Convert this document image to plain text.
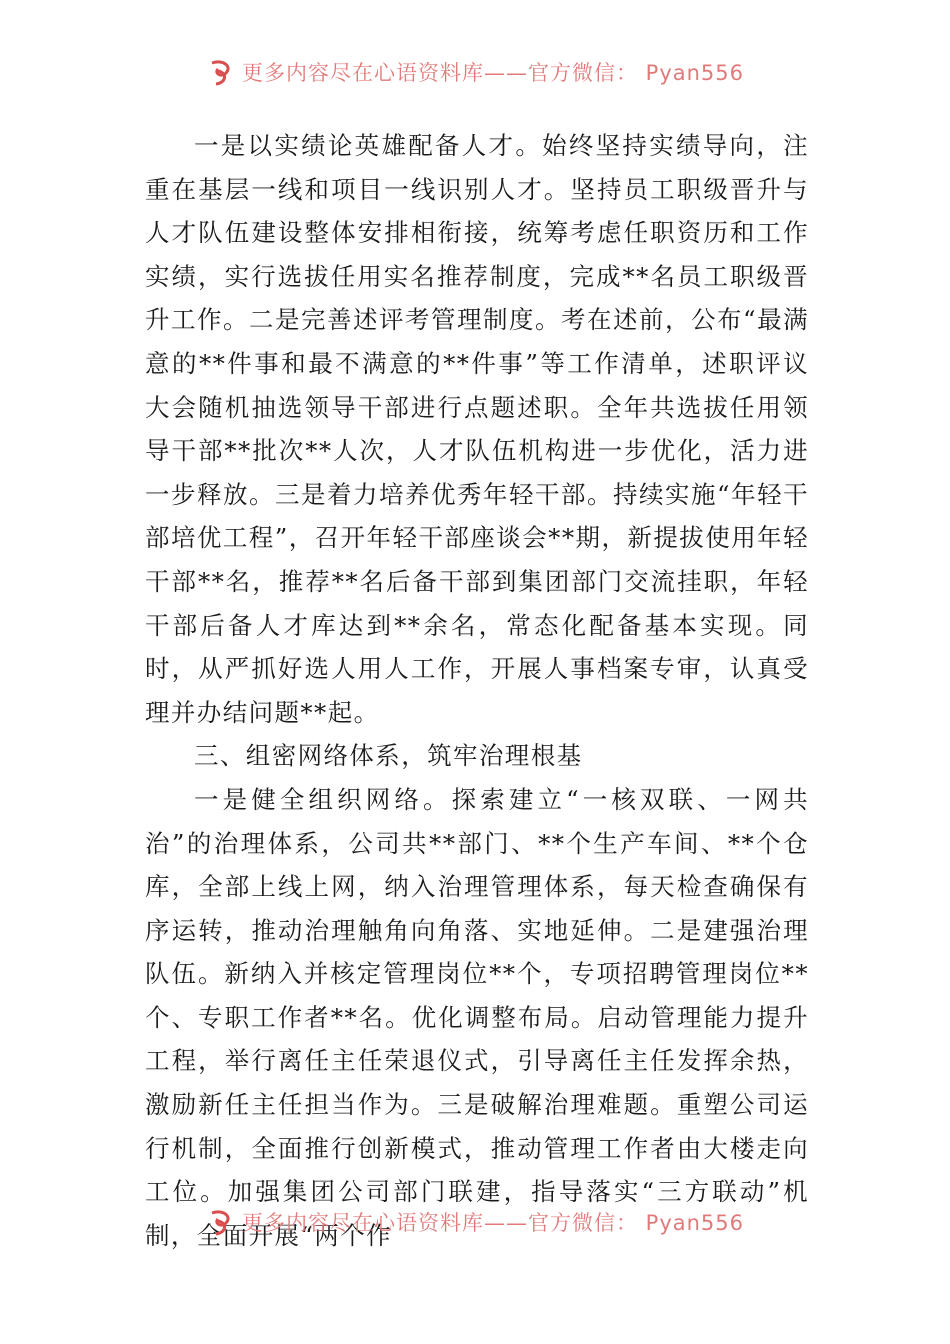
更多内容尽在心语资料库——官方微信： Pyan556

一是以实绩论英雄配备人才。始终坚持实绩导向，注重在基层一线和项目一线识别人才。坚持员工职级晋升与人才队伍建设整体安排相衔接，统筹考虑任职资历和工作实绩，实行选拔任用实名推荐制度，完成**名员工职级晋升工作。二是完善述评考管理制度。考在述前，公布“最满意的**件事和最不满意的**件事”等工作清单，述职评议大会随机抽选领导干部进行点题述职。全年共选拔任用领导干部**批次**人次，人才队伍机构进一步优化，活力进一步释放。三是着力培养优秀年轻干部。持续实施“年轻干部培优工程”，召开年轻干部座谈会**期，新提拔使用年轻干部**名，推荐**名后备干部到集团部门交流挂职，年轻干部后备人才库达到**余名，常态化配备基本实现。同时，从严抓好选人用人工作，开展人事档案专审，认真受理并办结问题**起。

三、组密网络体系，筑牢治理根基

一是健全组织网络。探索建立“一核双联、一网共治”的治理体系，公司共**部门、**个生产车间、**个仓库，全部上线上网，纳入治理管理体系，每天检查确保有序运转，推动治理触角向角落、实地延伸。二是建强治理队伍。新纳入并核定管理岗位**个，专项招聘管理岗位**个、专职工作者**名。优化调整布局。启动管理能力提升工程，举行离任主任荣退仪式，引导离任主任发挥余热，激励新任主任担当作为。三是破解治理难题。重塑公司运行机制，全面推行创新模式，推动管理工作者由大楼走向工位。加强集团公司部门联建，指导落实“三方联动”机制，全面开展“两个作

更多内容尽在心语资料库——官方微信： Pyan556
